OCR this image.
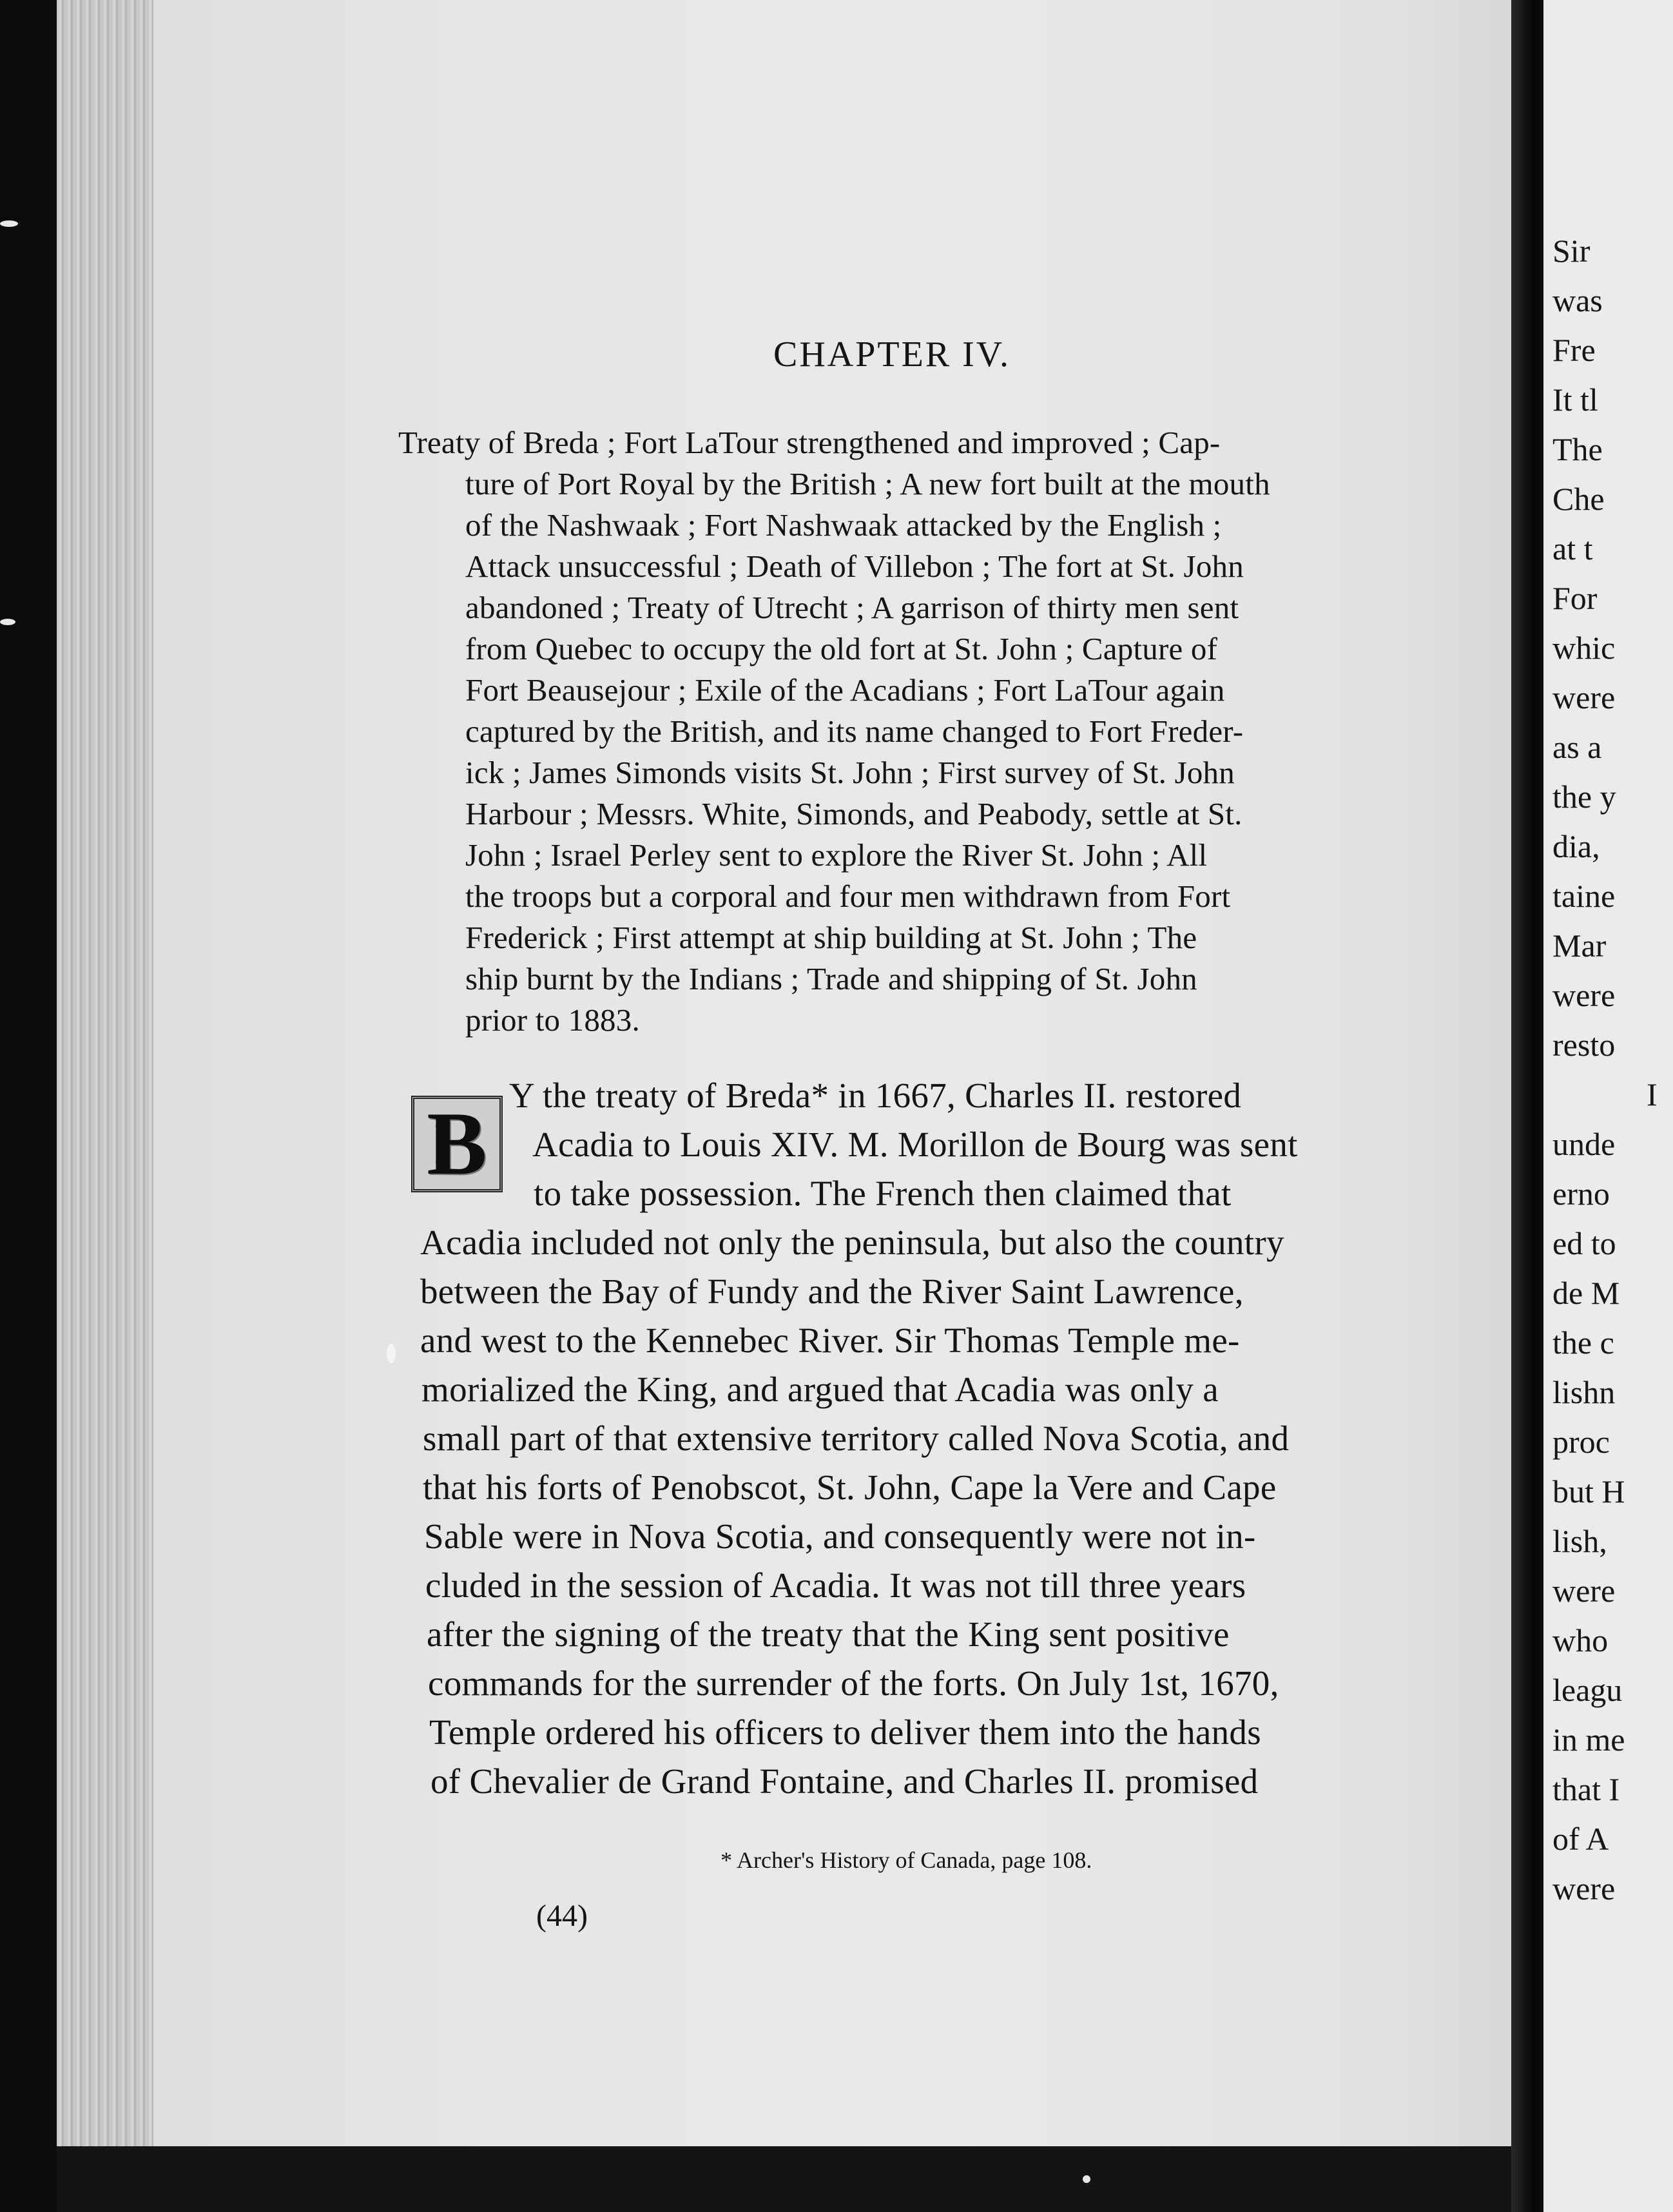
Sir
was
Fre
It tl
The
Che
at t
For
whic
were
as a
the y
dia,
taine
Mar
were
resto
I
unde
erno
ed to
de M
the c
lishn
proc
but H
lish,
were
who
leagu
in me
that I
of A
were
CHAPTER IV.
Treaty of Breda ; Fort LaTour strengthened and improved ; Cap-
ture of Port Royal by the British ; A new fort built at the mouth
of the Nashwaak ; Fort Nashwaak attacked by the English ;
Attack unsuccessful ; Death of Villebon ; The fort at St. John
abandoned ; Treaty of Utrecht ; A garrison of thirty men sent
from Quebec to occupy the old fort at St. John ; Capture of
Fort Beausejour ; Exile of the Acadians ; Fort LaTour again
captured by the British, and its name changed to Fort Freder-
ick ; James Simonds visits St. John ; First survey of St. John
Harbour ; Messrs. White, Simonds, and Peabody, settle at St.
John ; Israel Perley sent to explore the River St. John ; All
the troops but a corporal and four men withdrawn from Fort
Frederick ; First attempt at ship building at St. John ; The
ship burnt by the Indians ; Trade and shipping of St. John
prior to 1883.
B Y the treaty of Breda* in 1667, Charles II. restored
Acadia to Louis XIV. M. Morillon de Bourg was sent
to take possession. The French then claimed that
Acadia included not only the peninsula, but also the country
between the Bay of Fundy and the River Saint Lawrence,
and west to the Kennebec River. Sir Thomas Temple me-
morialized the King, and argued that Acadia was only a
small part of that extensive territory called Nova Scotia, and
that his forts of Penobscot, St. John, Cape la Vere and Cape
Sable were in Nova Scotia, and consequently were not in-
cluded in the session of Acadia. It was not till three years
after the signing of the treaty that the King sent positive
commands for the surrender of the forts. On July 1st, 1670,
Temple ordered his officers to deliver them into the hands
of Chevalier de Grand Fontaine, and Charles II. promised
* Archer's History of Canada, page 108.
(44)
